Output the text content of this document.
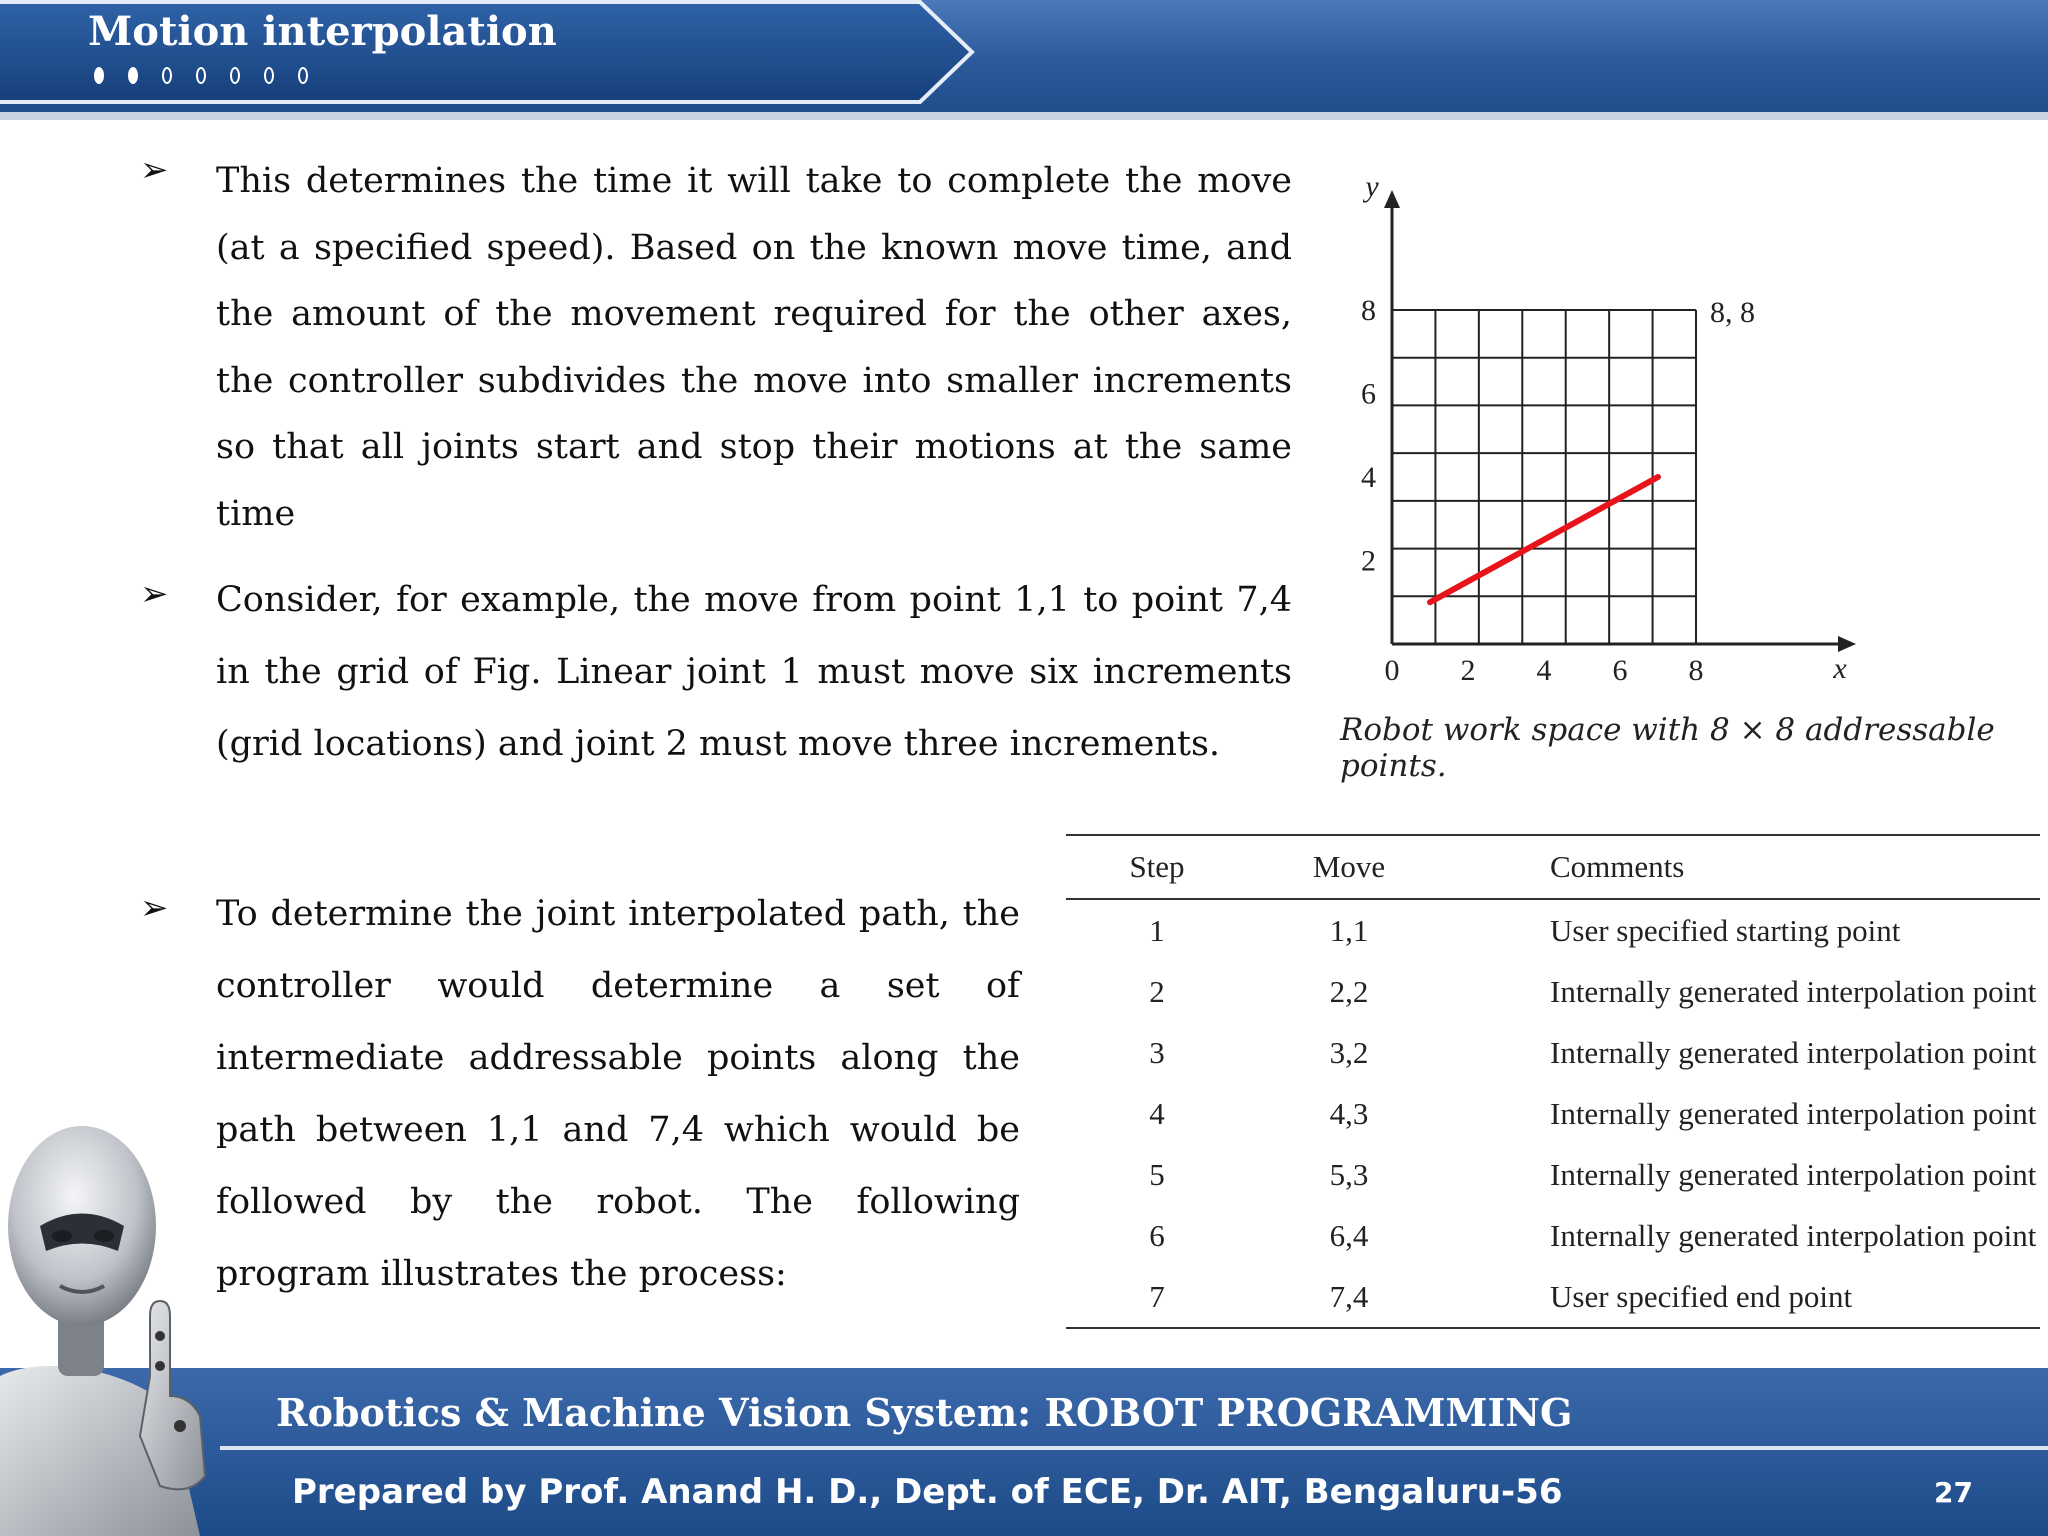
Motion interpolation
➢ This determines the time it will take to complete the move (at a specified speed). Based on the known move time, and the amount of the movement required for the other axes, the controller subdivides the move into smaller increments so that all joints start and stop their motions at the same time

➢ Consider, for example, the move from point 1,1 to point 7,4 in the grid of Fig. Linear joint 1 must move six increments (grid locations) and joint 2 must move three increments.

➢ To determine the joint interpolated path, the controller would determine a set of intermediate addressable points along the path between 1,1 and 7,4 which would be followed by the robot. The following program illustrates the process:

0 2 4 6 8
2
4
6
8
x
y
8, 8

Robot work space with 8 × 8 addressable points.

Step	Move	Comments
1	1,1	User specified starting point
2	2,2	Internally generated interpolation point
3	3,2	Internally generated interpolation point
4	4,3	Internally generated interpolation point
5	5,3	Internally generated interpolation point
6	6,4	Internally generated interpolation point
7	7,4	User specified end point

Robotics & Machine Vision System: ROBOT PROGRAMMING

Prepared by Prof. Anand H. D., Dept. of ECE, Dr. AIT, Bengaluru-56	27
